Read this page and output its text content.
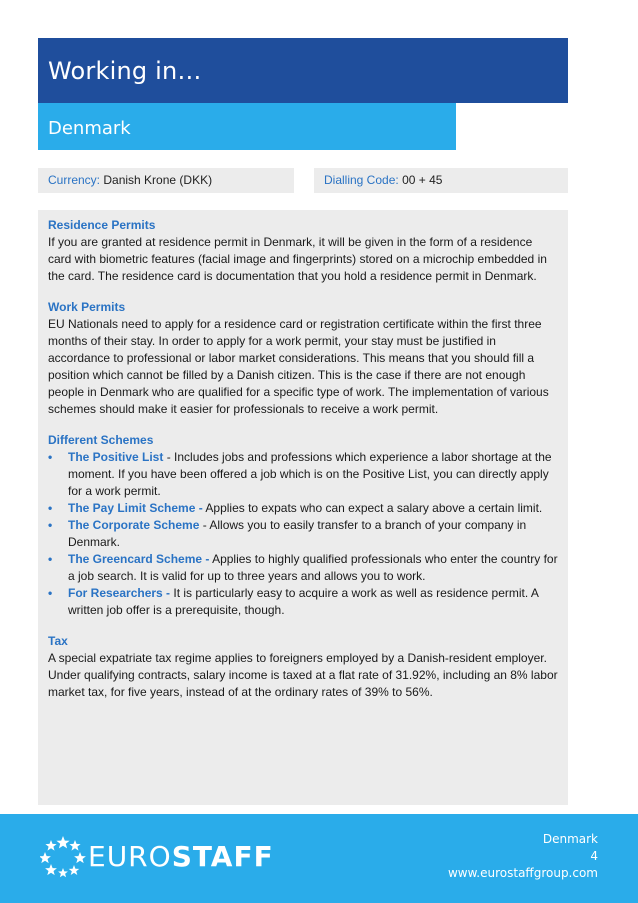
Working in…
Denmark
Currency: Danish Krone (DKK)	Dialling Code: 00 + 45

Residence Permits

If you are granted at residence permit in Denmark, it will be given in the form of a residence card with biometric features (facial image and fingerprints) stored on a microchip embedded in the card. The residence card is documentation that you hold a residence permit in Denmark.

Work Permits

EU Nationals need to apply for a residence card or registration certificate within the first three months of their stay. In order to apply for a work permit, your stay must be justified in accordance to professional or labor market considerations. This means that you should fill a position which cannot be filled by a Danish citizen. This is the case if there are not enough people in Denmark who are qualified for a specific type of work. The implementation of various schemes should make it easier for professionals to receive a work permit.

Different Schemes

• The Positive List - Includes jobs and professions which experience a labor shortage at the moment. If you have been offered a job which is on the Positive List, you can directly apply for a work permit.
• The Pay Limit Scheme - Applies to expats who can expect a salary above a certain limit.
• The Corporate Scheme - Allows you to easily transfer to a branch of your company in Denmark.
• The Greencard Scheme - Applies to highly qualified professionals who enter the country for a job search. It is valid for up to three years and allows you to work.
• For Researchers - It is particularly easy to acquire a work as well as residence permit. A written job offer is a prerequisite, though.

Tax

A special expatriate tax regime applies to foreigners employed by a Danish-resident employer. Under qualifying contracts, salary income is taxed at a flat rate of 31.92%, including an 8% labor market tax, for five years, instead of at the ordinary rates of 39% to 56%.

EUROSTAFF
Denmark
4
www.eurostaffgroup.com
